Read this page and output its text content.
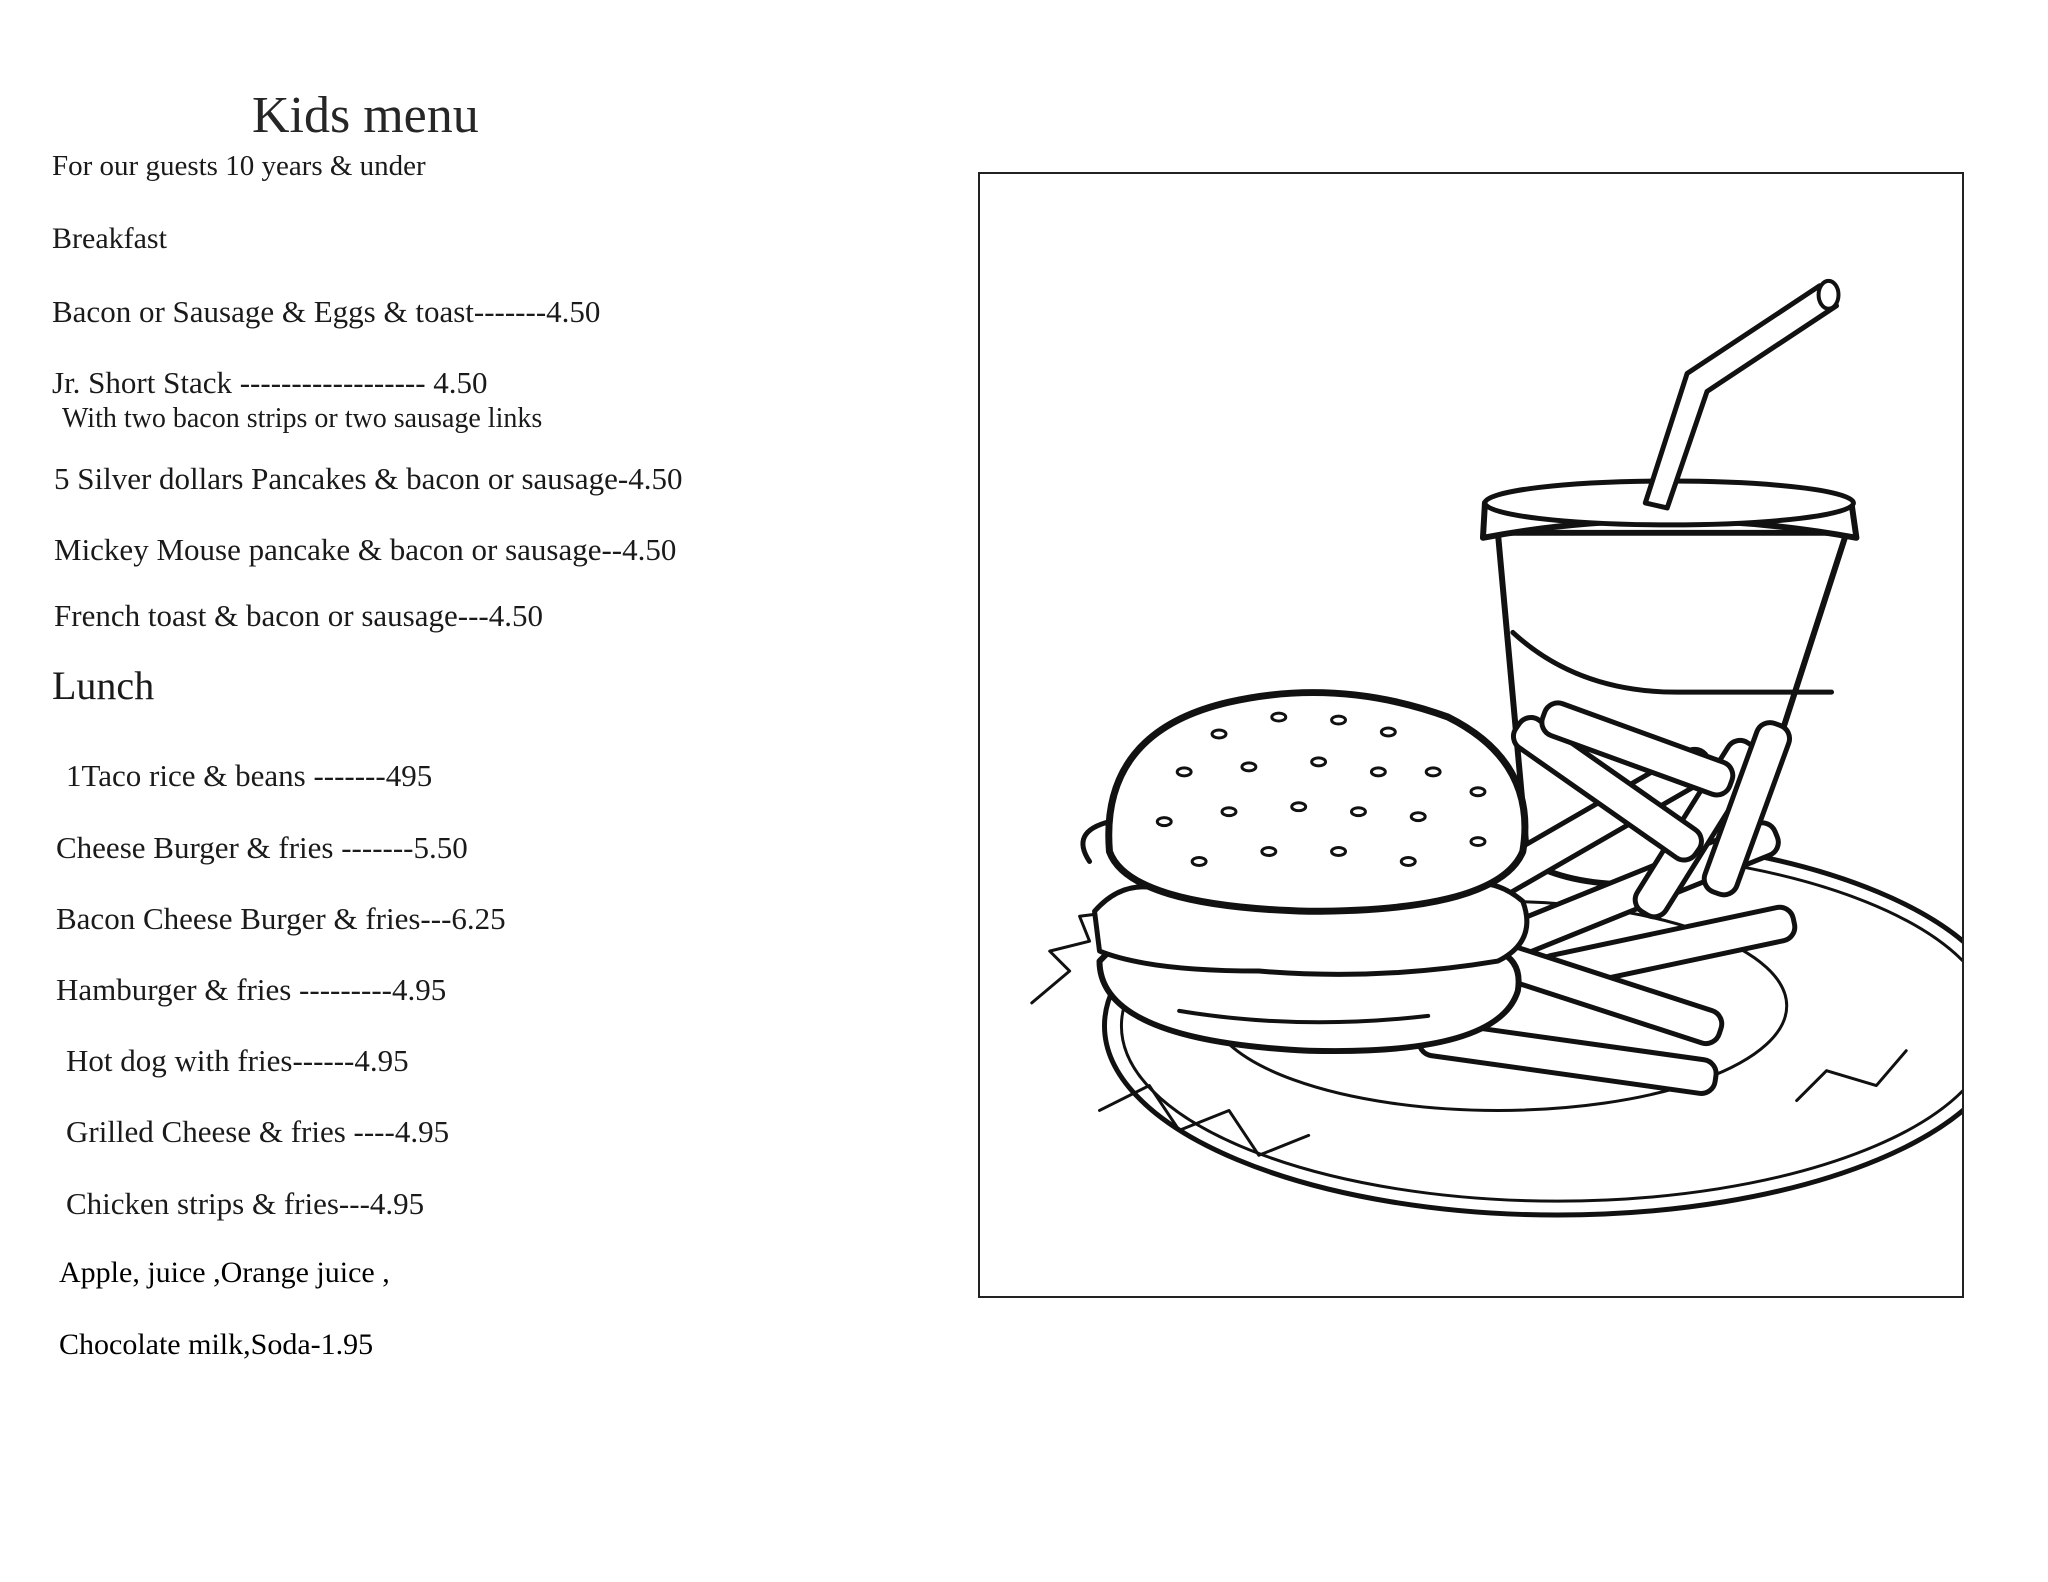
Kids menu
For our guests 10 years & under
Breakfast
Bacon or Sausage & Eggs & toast-------4.50
Jr. Short Stack ------------------ 4.50
With two bacon strips or two sausage links
5 Silver dollars Pancakes & bacon or sausage-4.50
Mickey Mouse pancake & bacon or sausage--4.50
French toast & bacon or sausage---4.50
Lunch
1Taco rice & beans -------495
Cheese Burger & fries -------5.50
Bacon Cheese Burger & fries---6.25
Hamburger & fries ---------4.95
Hot dog with fries------4.95
Grilled Cheese & fries ----4.95
Chicken strips & fries---4.95
Apple, juice ,Orange juice ,
Chocolate milk,Soda-1.95
